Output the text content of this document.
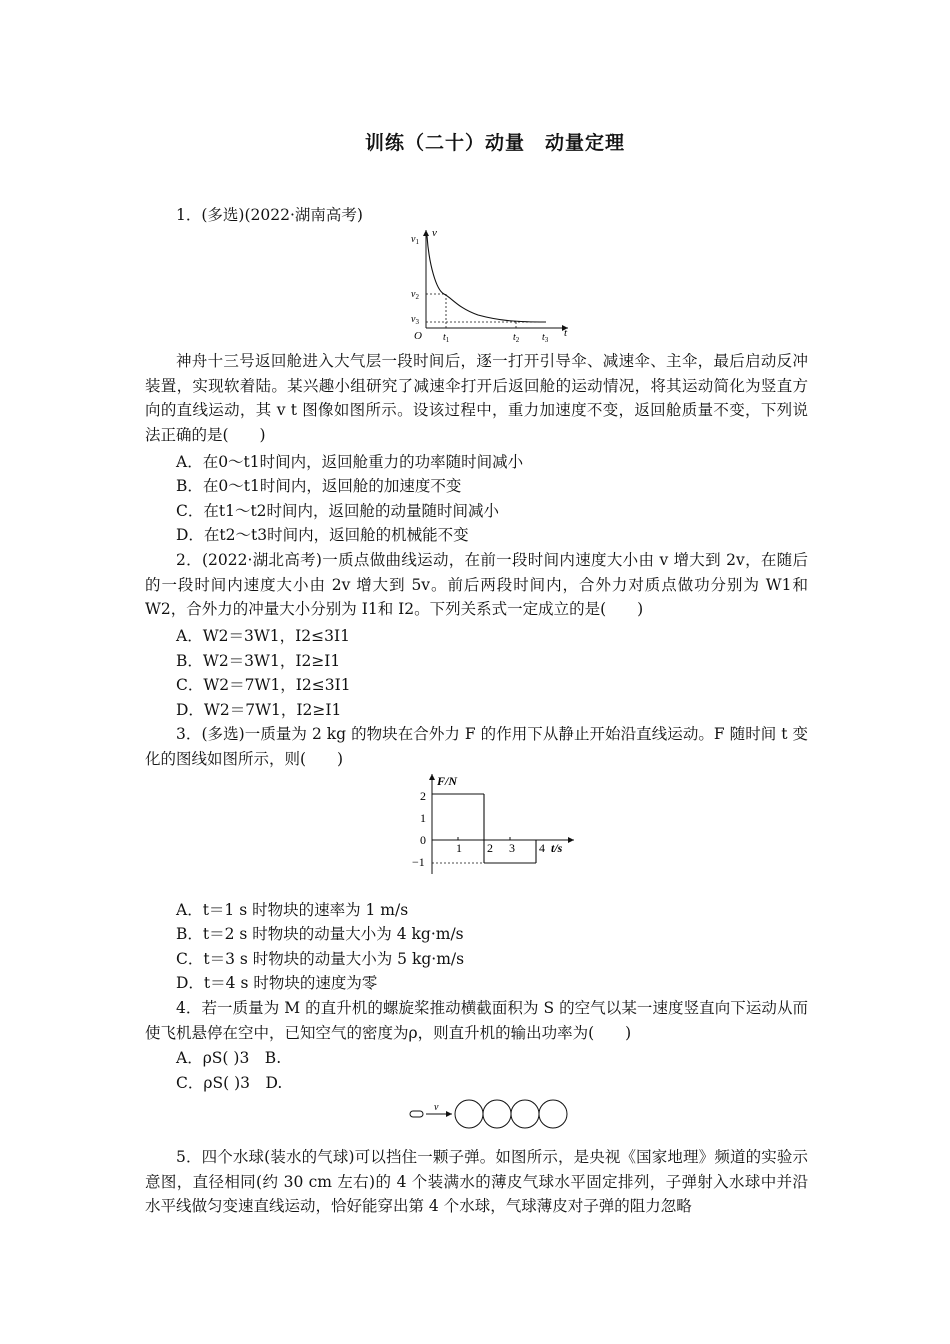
训练（二十）动量　动量定理
1．(多选)(2022·湖南高考)
v
$v_1$
$v_2$
$v_3$
O $t_1$	$t_2$ $t_3$
t
神舟十三号返回舱进入大气层一段时间后，逐一打开引导伞、减速伞、主伞，最后启动反冲装置，实现软着陆。某兴趣小组研究了减速伞打开后返回舱的运动情况，将其运动简化为竖直方向的直线运动，其 v t 图像如图所示。设该过程中，重力加速度不变，返回舱质量不变，下列说法正确的是(　　)
A．在0～t1时间内，返回舱重力的功率随时间减小
B．在0～t1时间内，返回舱的加速度不变
C．在t1～t2时间内，返回舱的动量随时间减小
D．在t2～t3时间内，返回舱的机械能不变
2．(2022·湖北高考)一质点做曲线运动，在前一段时间内速度大小由 v 增大到 2v，在随后的一段时间内速度大小由 2v 增大到 5v。前后两段时间内，合外力对质点做功分别为 W1和 W2，合外力的冲量大小分别为 I1和 I2。下列关系式一定成立的是(　　)
A．W2＝3W1，I2≤3I1
B．W2＝3W1，I2≥I1
C．W2＝7W1，I2≤3I1
D．W2＝7W1，I2≥I1
3．(多选)一质量为 2 kg 的物块在合外力 F 的作用下从静止开始沿直线运动。F 随时间 t 变化的图线如图所示，则(　　)
F/N
t/s
2
1
0
−1
1 2 3 4
A．t＝1 s 时物块的速率为 1 m/s
B．t＝2 s 时物块的动量大小为 4 kg·m/s
C．t＝3 s 时物块的动量大小为 5 kg·m/s
D．t＝4 s 时物块的速度为零
4．若一质量为 M 的直升机的螺旋桨推动横截面积为 S 的空气以某一速度竖直向下运动从而使飞机悬停在空中，已知空气的密度为ρ，则直升机的输出功率为(　　)
A．ρS( )3　B.
C．ρS( )3　D.
v
5．四个水球(装水的气球)可以挡住一颗子弹。如图所示，是央视《国家地理》频道的实验示意图，直径相同(约 30 cm 左右)的 4 个装满水的薄皮气球水平固定排列，子弹射入水球中并沿水平线做匀变速直线运动，恰好能穿出第 4 个水球，气球薄皮对子弹的阻力忽略
